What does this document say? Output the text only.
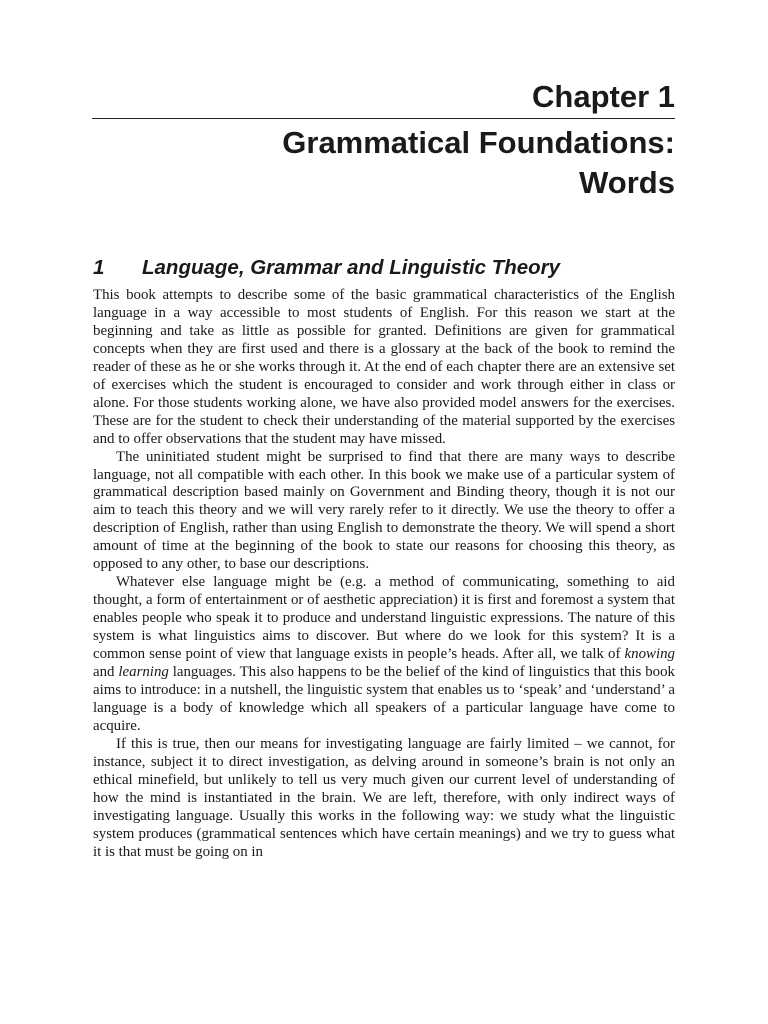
Chapter 1
Grammatical Foundations:
Words
1 Language, Grammar and Linguistic Theory

This book attempts to describe some of the basic grammatical characteristics of the English language in a way accessible to most students of English. For this reason we start at the beginning and take as little as possible for granted. Definitions are given for grammatical concepts when they are first used and there is a glossary at the back of the book to remind the reader of these as he or she works through it. At the end of each chapter there are an extensive set of exercises which the student is encouraged to consider and work through either in class or alone. For those students working alone, we have also provided model answers for the exercises. These are for the student to check their understanding of the material supported by the exercises and to offer observations that the student may have missed.

The uninitiated student might be surprised to find that there are many ways to describe language, not all compatible with each other. In this book we make use of a particular system of grammatical description based mainly on Government and Binding theory, though it is not our aim to teach this theory and we will very rarely refer to it directly. We use the theory to offer a description of English, rather than using English to demonstrate the theory. We will spend a short amount of time at the beginning of the book to state our reasons for choosing this theory, as opposed to any other, to base our descriptions.

Whatever else language might be (e.g. a method of communicating, something to aid thought, a form of entertainment or of aesthetic appreciation) it is first and foremost a system that enables people who speak it to produce and understand linguistic expressions. The nature of this system is what linguistics aims to discover. But where do we look for this system? It is a common sense point of view that language exists in people’s heads. After all, we talk of knowing and learning languages. This also happens to be the belief of the kind of linguistics that this book aims to introduce: in a nutshell, the linguistic system that enables us to ‘speak’ and ‘understand’ a language is a body of knowledge which all speakers of a particular language have come to acquire.

If this is true, then our means for investigating language are fairly limited – we cannot, for instance, subject it to direct investigation, as delving around in someone’s brain is not only an ethical minefield, but unlikely to tell us very much given our current level of understanding of how the mind is instantiated in the brain. We are left, therefore, with only indirect ways of investigating language. Usually this works in the following way: we study what the linguistic system produces (grammatical sentences which have certain meanings) and we try to guess what it is that must be going on in
